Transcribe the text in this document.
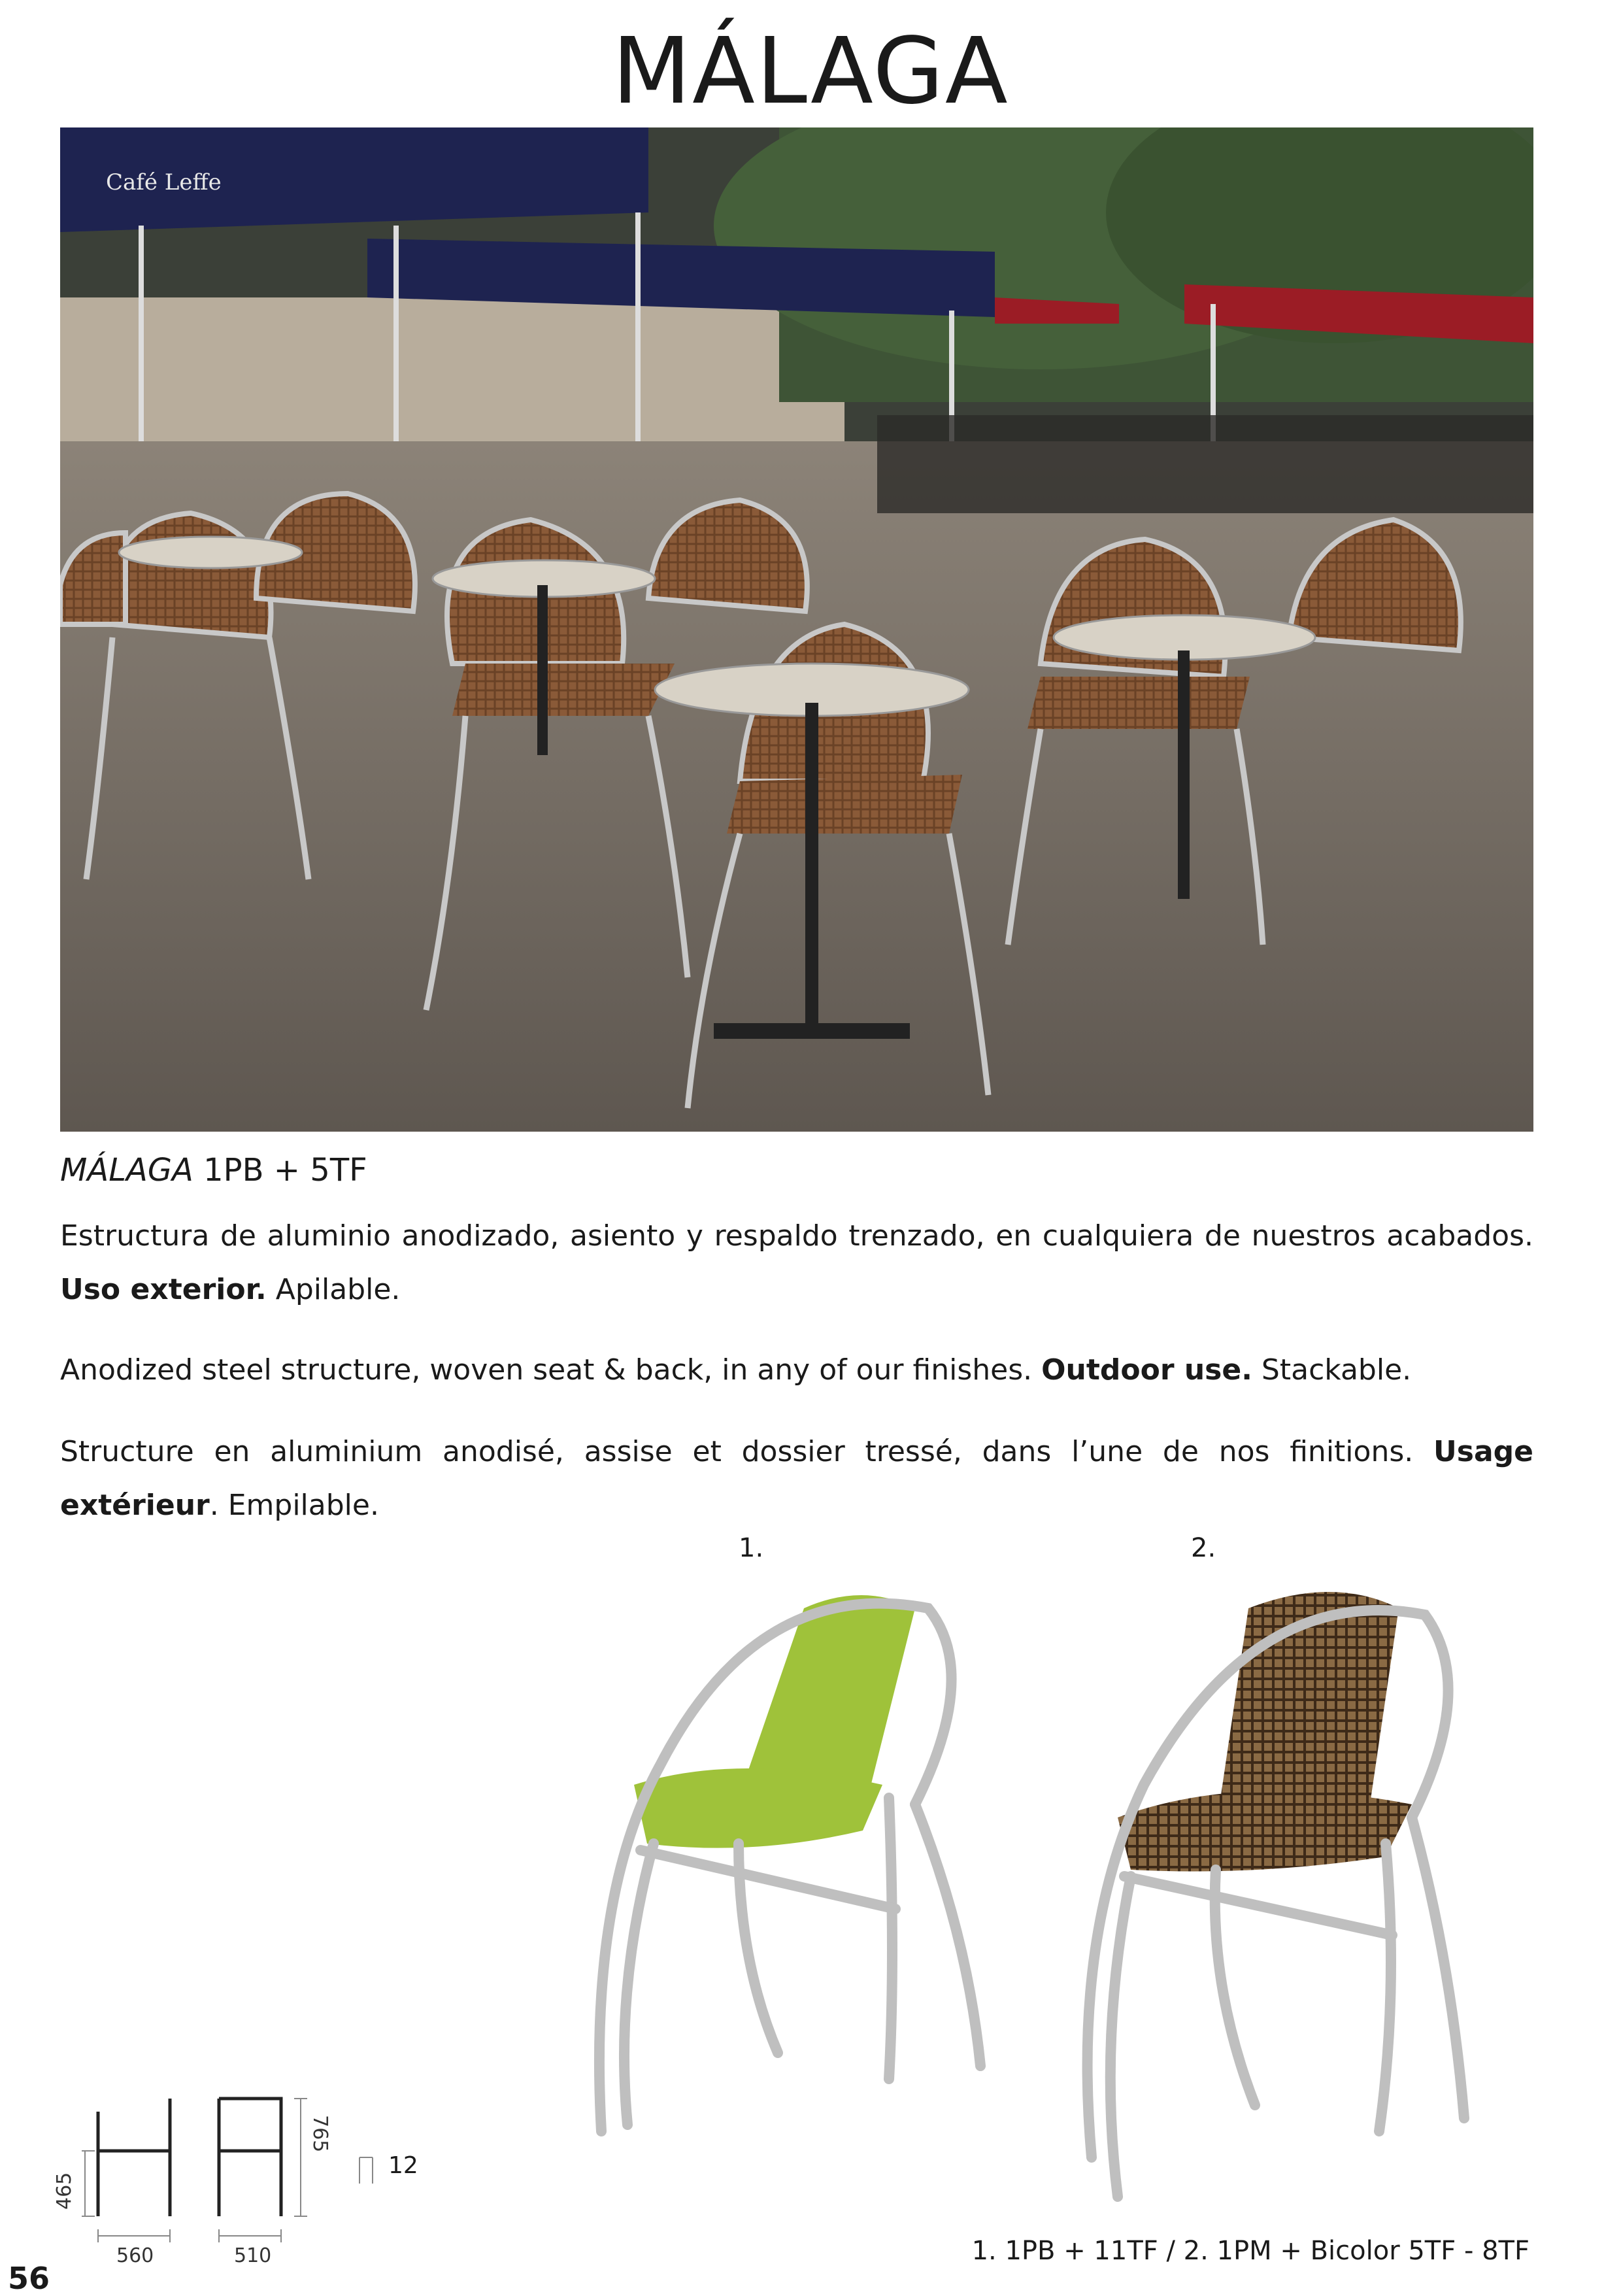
MÁLAGA
Café Leffe
MÁLAGA 1PB + 5TF
Estructura de aluminio anodizado, asiento y respaldo trenzado, en cualquiera de nuestros acabados. Uso exterior. Apilable.
Anodized steel structure, woven seat & back, in any of our finishes. Outdoor use. Stackable.
Structure en aluminium anodisé, assise et dossier tressé, dans l’une de nos finitions. Usage extérieur. Empilable.
1.	2.
465
560	510
765
12
1. 1PB + 11TF / 2. 1PM + Bicolor 5TF - 8TF
56
